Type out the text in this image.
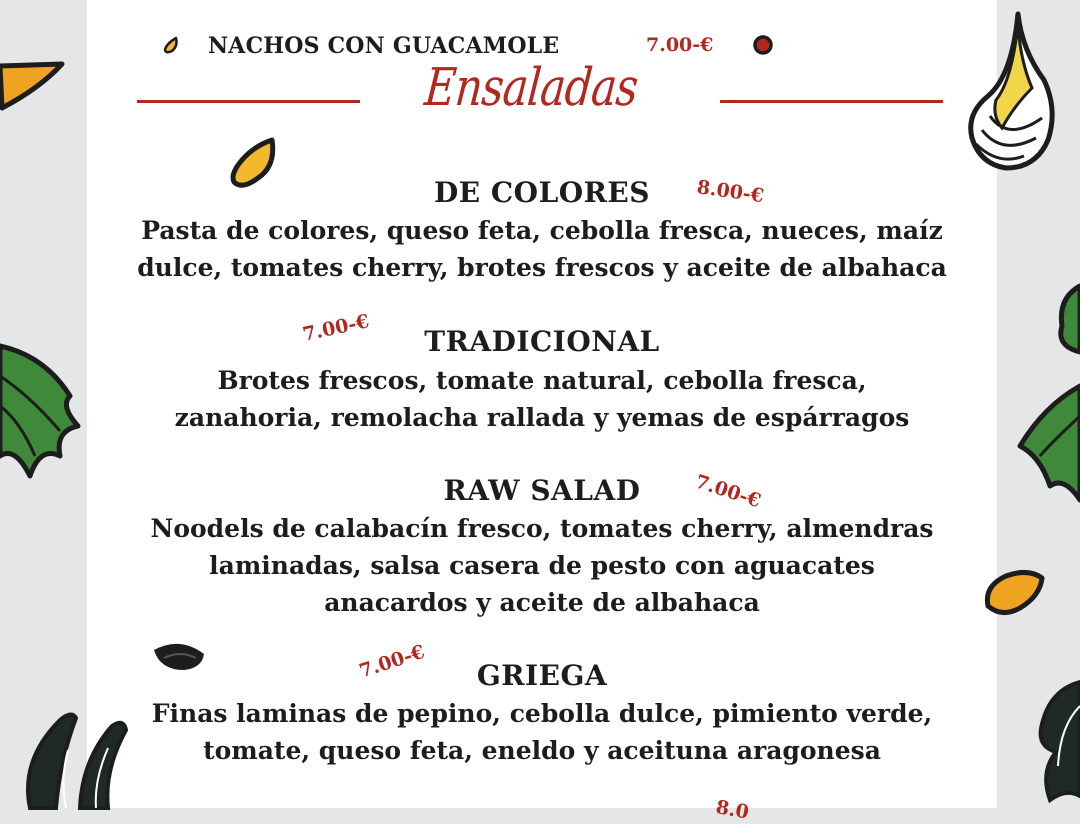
NACHOS CON GUACAMOLE	7.00-€
Ensaladas
DE COLORES	8.00-€
Pasta de colores, queso feta, cebolla fresca, nueces, maíz
dulce, tomates cherry, brotes frescos y aceite de albahaca
TRADICIONAL
7.00-€
Brotes frescos, tomate natural, cebolla fresca,
zanahoria, remolacha rallada y yemas de espárragos
RAW SALAD	7.00-€
Noodels de calabacín fresco, tomates cherry, almendras
laminadas, salsa casera de pesto con aguacates
anacardos y aceite de albahaca
GRIEGA
7.00-€
Finas laminas de pepino, cebolla dulce, pimiento verde,
tomate, queso feta, eneldo y aceituna aragonesa
8.0
